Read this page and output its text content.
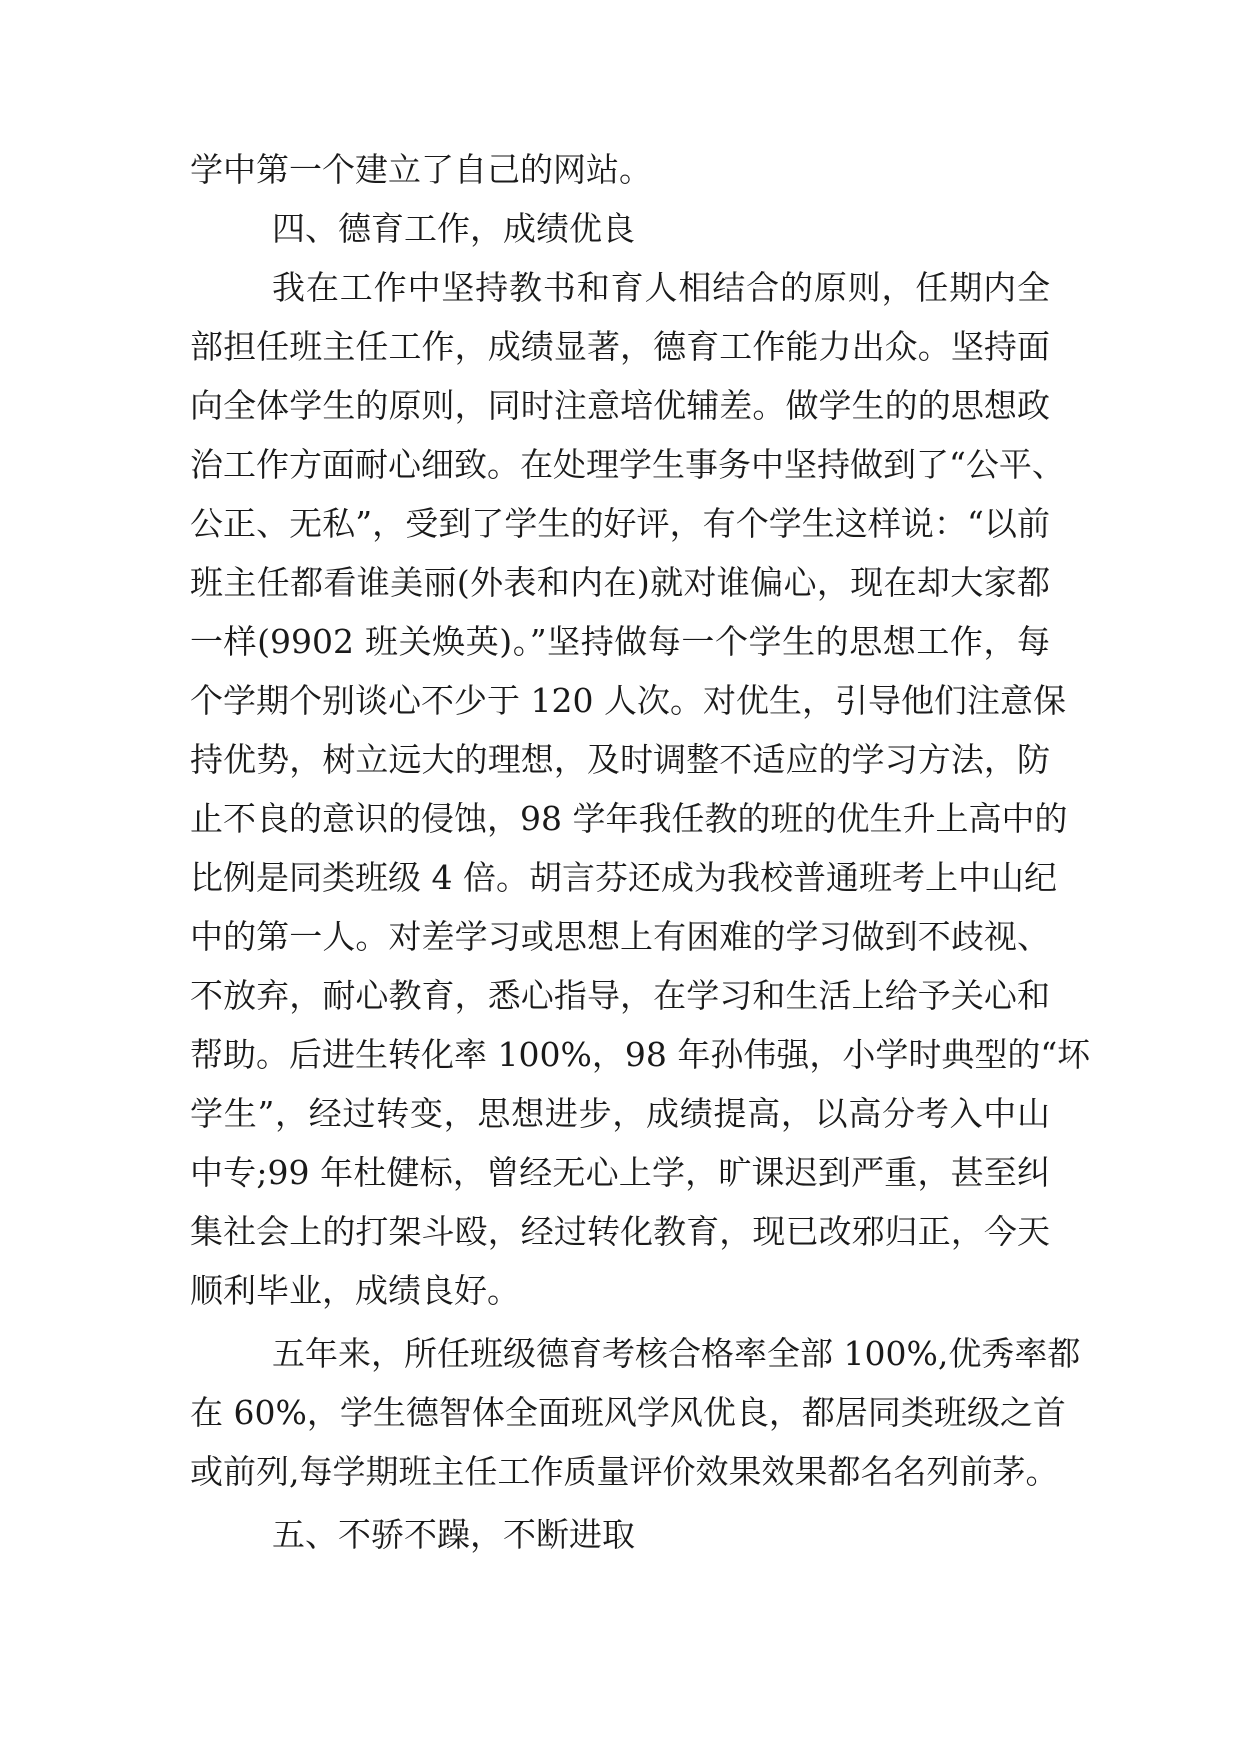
学中第一个建立了自己的网站。
四、德育工作，成绩优良
我在工作中坚持教书和育人相结合的原则，任期内全
部担任班主任工作，成绩显著，德育工作能力出众。坚持面
向全体学生的原则，同时注意培优辅差。做学生的的思想政
治工作方面耐心细致。在处理学生事务中坚持做到了“公平、
公正、无私”，受到了学生的好评，有个学生这样说：“以前
班主任都看谁美丽(外表和内在)就对谁偏心，现在却大家都
一样(9902 班关焕英)。”坚持做每一个学生的思想工作，每
个学期个别谈心不少于 120 人次。对优生，引导他们注意保
持优势，树立远大的理想，及时调整不适应的学习方法，防
止不良的意识的侵蚀，98 学年我任教的班的优生升上高中的
比例是同类班级 4 倍。胡言芬还成为我校普通班考上中山纪
中的第一人。对差学习或思想上有困难的学习做到不歧视、
不放弃，耐心教育，悉心指导，在学习和生活上给予关心和
帮助。后进生转化率 100%，98 年孙伟强，小学时典型的“坏
学生”，经过转变，思想进步，成绩提高，以高分考入中山
中专;99 年杜健标，曾经无心上学，旷课迟到严重，甚至纠
集社会上的打架斗殴，经过转化教育，现已改邪归正，今天
顺利毕业，成绩良好。
五年来，所任班级德育考核合格率全部 100%,优秀率都
在 60%，学生德智体全面班风学风优良，都居同类班级之首
或前列,每学期班主任工作质量评价效果效果都名名列前茅。
五、不骄不躁，不断进取
